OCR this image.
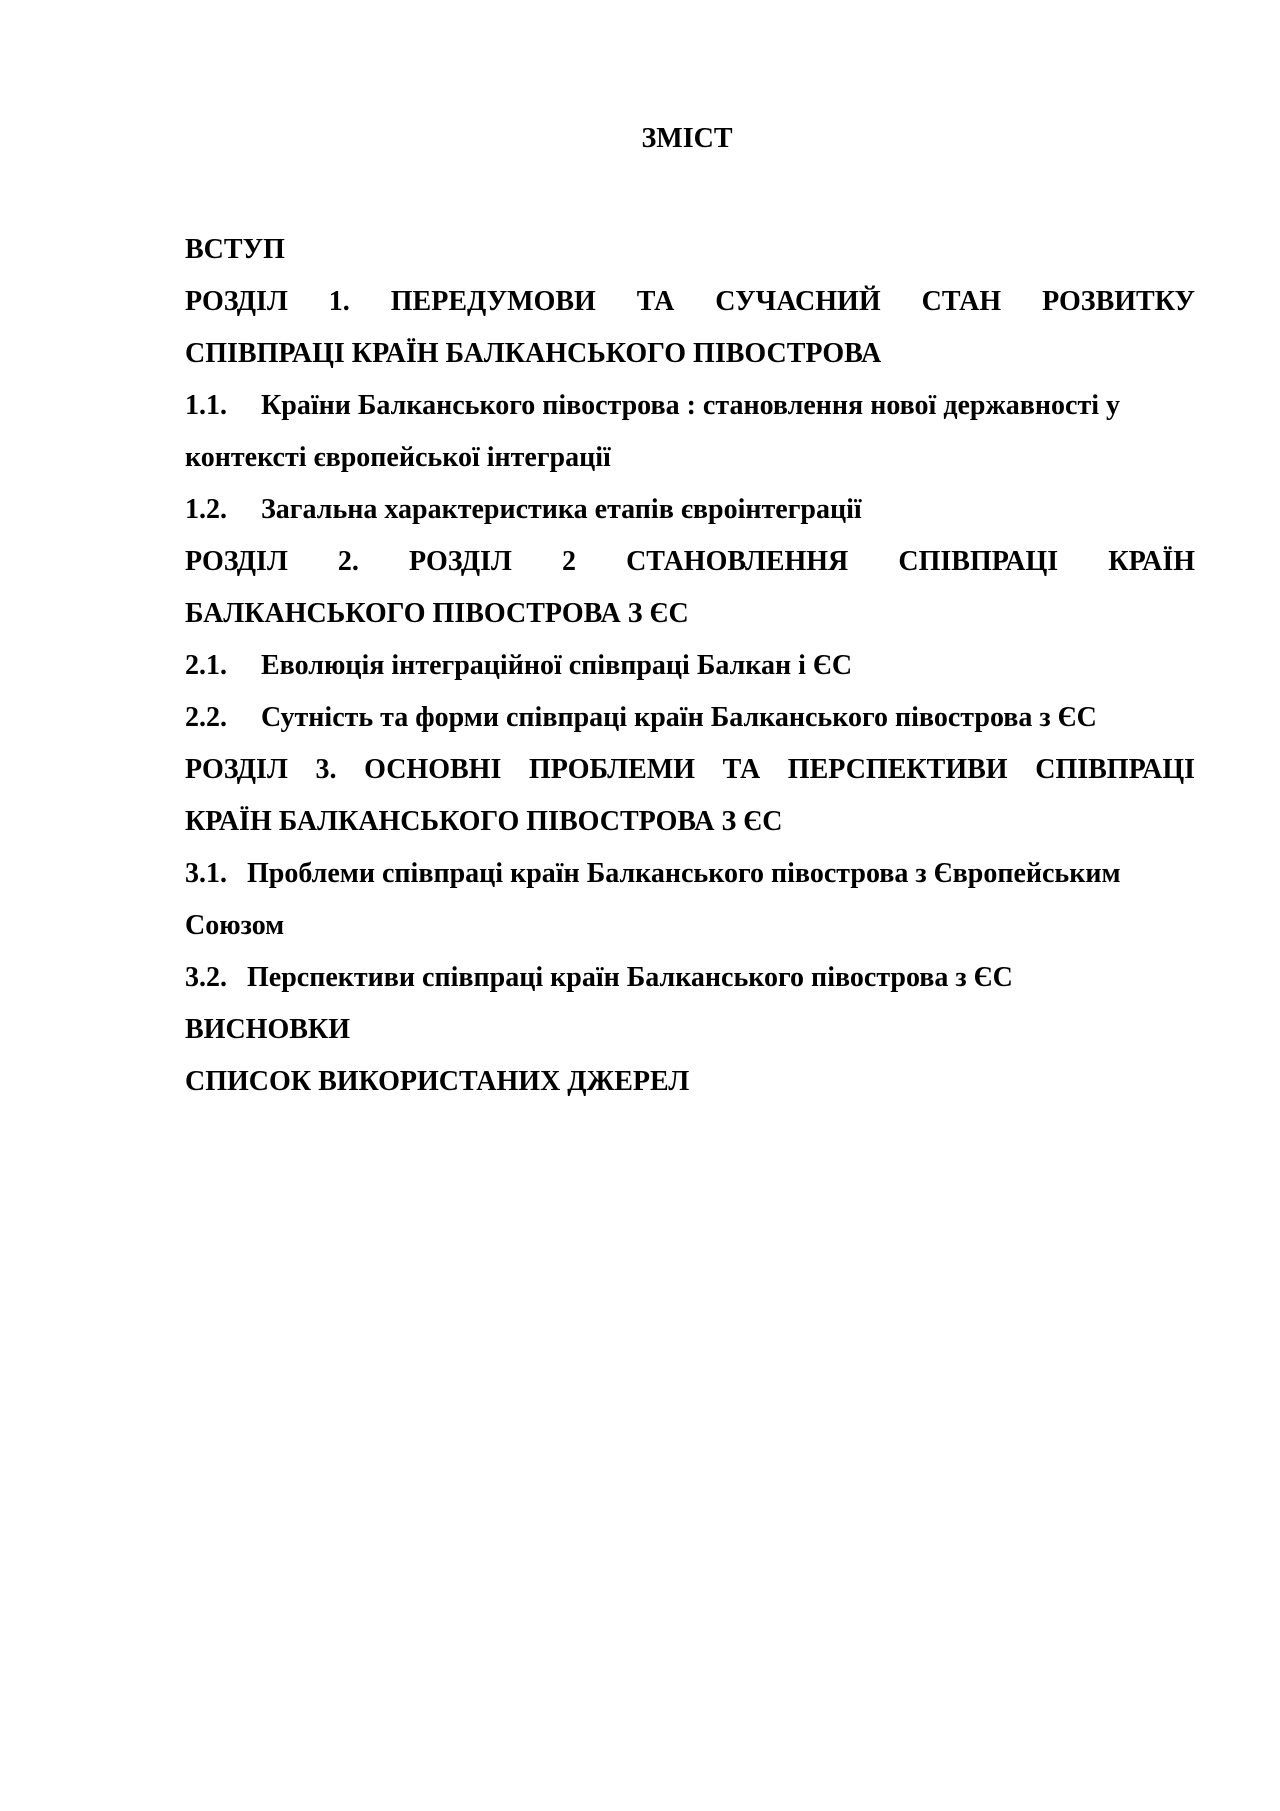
ЗМІСТ
ВСТУП
РОЗДІЛ 1. ПЕРЕДУМОВИ ТА СУЧАСНИЙ СТАН РОЗВИТКУ
СПІВПРАЦІ КРАЇН БАЛКАНСЬКОГО ПІВОСТРОВА
1.1.	Країни Балканського півострова : становлення нової державності у
контексті європейської інтеграції
1.2.	Загальна характеристика етапів євроінтеграції
РОЗДІЛ 2. РОЗДІЛ 2 СТАНОВЛЕННЯ СПІВПРАЦІ КРАЇН
БАЛКАНСЬКОГО ПІВОСТРОВА З ЄС
2.1.	Еволюція інтеграційної співпраці Балкан і ЄС
2.2.	Сутність та форми співпраці країн Балканського півострова з ЄС
РОЗДІЛ 3. ОСНОВНІ ПРОБЛЕМИ ТА ПЕРСПЕКТИВИ СПІВПРАЦІ
КРАЇН БАЛКАНСЬКОГО ПІВОСТРОВА З ЄС
3.1. Проблеми співпраці країн Балканського півострова з Європейським
Союзом
3.2. Перспективи співпраці країн Балканського півострова з ЄС
ВИСНОВКИ
СПИСОК ВИКОРИСТАНИХ ДЖЕРЕЛ
